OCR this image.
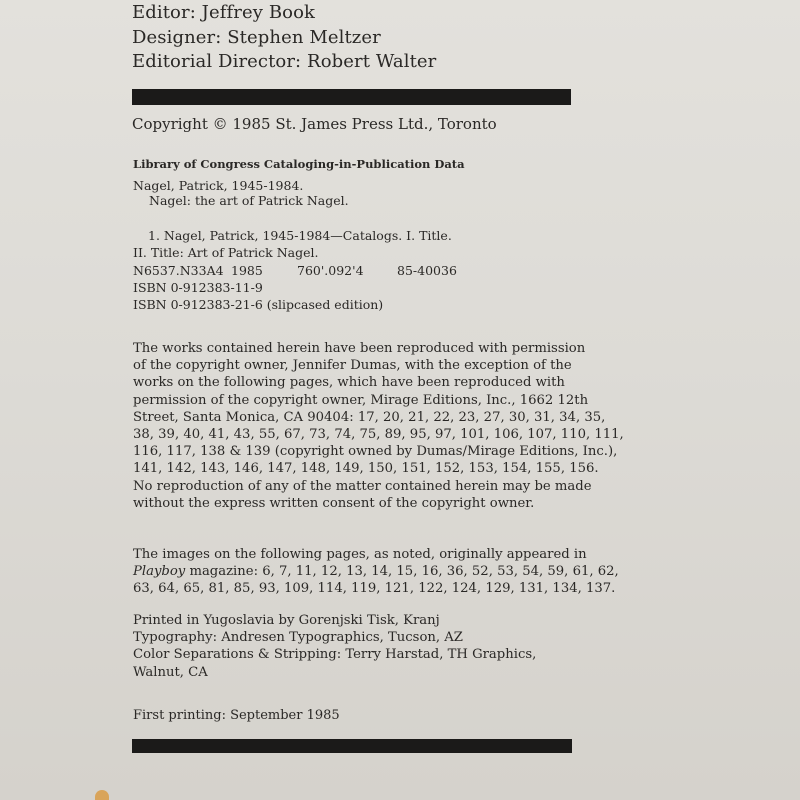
Editor: Jeffrey Book

Designer: Stephen Meltzer

Editorial Director: Robert Walter

Copyright © 1985 St. James Press Ltd., Toronto

Library of Congress Cataloging-in-Publication Data

Nagel, Patrick, 1945-1984.

Nagel: the art of Patrick Nagel.

1. Nagel, Patrick, 1945-1984—Catalogs. I. Title.

II. Title: Art of Patrick Nagel.

N6537.N33A4 1985	760'.092'4	85-40036

ISBN 0-912383-11-9

ISBN 0-912383-21-6 (slipcased edition)

The works contained herein have been reproduced with permission
of the copyright owner, Jennifer Dumas, with the exception of the
works on the following pages, which have been reproduced with
permission of the copyright owner, Mirage Editions, Inc., 1662 12th
Street, Santa Monica, CA 90404: 17, 20, 21, 22, 23, 27, 30, 31, 34, 35,
38, 39, 40, 41, 43, 55, 67, 73, 74, 75, 89, 95, 97, 101, 106, 107, 110, 111,
116, 117, 138 & 139 (copyright owned by Dumas/Mirage Editions, Inc.),
141, 142, 143, 146, 147, 148, 149, 150, 151, 152, 153, 154, 155, 156.
No reproduction of any of the matter contained herein may be made
without the express written consent of the copyright owner.
The images on the following pages, as noted, originally appeared in
Playboy magazine: 6, 7, 11, 12, 13, 14, 15, 16, 36, 52, 53, 54, 59, 61, 62,
63, 64, 65, 81, 85, 93, 109, 114, 119, 121, 122, 124, 129, 131, 134, 137.
Printed in Yugoslavia by Gorenjski Tisk, Kranj
Typography: Andresen Typographics, Tucson, AZ
Color Separations & Stripping: Terry Harstad, TH Graphics,
Walnut, CA

First printing: September 1985
